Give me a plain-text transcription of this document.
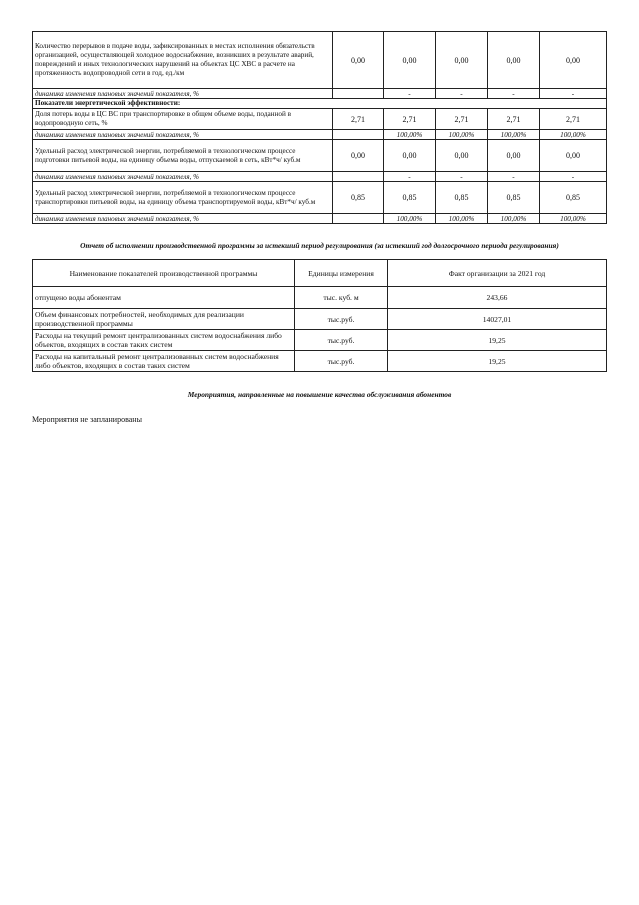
Количество перерывов в подаче воды, зафиксированных в местах исполнения обязательств организацией, осуществляющей холодное водоснабжение, возникших в результате аварий, повреждений и иных технологических нарушений на объектах ЦС ХВС в расчете на протяженность водопроводной сети в год, ед./км	0,00	0,00	0,00	0,00	0,00
динамика изменения плановых значений показателя, %		-	-	-	-
Показатели энергетической эффективности:					
Доля потерь воды в ЦС ВС при транспортировке в общем объеме воды, поданной в водопроводную сеть, %	2,71	2,71	2,71	2,71	2,71
динамика изменения плановых значений показателя, %		100,00%	100,00%	100,00%	100,00%
Удельный расход электрической энергии, потребляемой в технологическом процессе подготовки питьевой воды, на единицу объема воды, отпускаемой в сеть, кВт*ч/ куб.м	0,00	0,00	0,00	0,00	0,00
динамика изменения плановых значений показателя, %		-	-	-	-
Удельный расход электрической энергии, потребляемой в технологическом процессе транспортировки питьевой воды, на единицу объема транспортируемой воды, кВт*ч/ куб.м	0,85	0,85	0,85	0,85	0,85
динамика изменения плановых значений показателя, %		100,00%	100,00%	100,00%	100,00%
Отчет об исполнении производственной программы за истекший период регулирования (за истекший год долгосрочного периода регулирования)
Наименование показателей производственной программы	Единицы измерения	Факт организации за 2021 год
отпущено воды абонентам	тыс. куб. м	243,66
Объем финансовых потребностей, необходимых для реализации производственной программы	тыс.руб.	14027,01
Расходы на текущий ремонт централизованных систем водоснабжения либо объектов, входящих в состав таких систем	тыс.руб.	19,25
Расходы на капитальный ремонт централизованных систем водоснабжения либо объектов, входящих в состав таких систем	тыс.руб.	19,25
Мероприятия, направленные на повышение качества обслуживания абонентов
Мероприятия не запланированы
